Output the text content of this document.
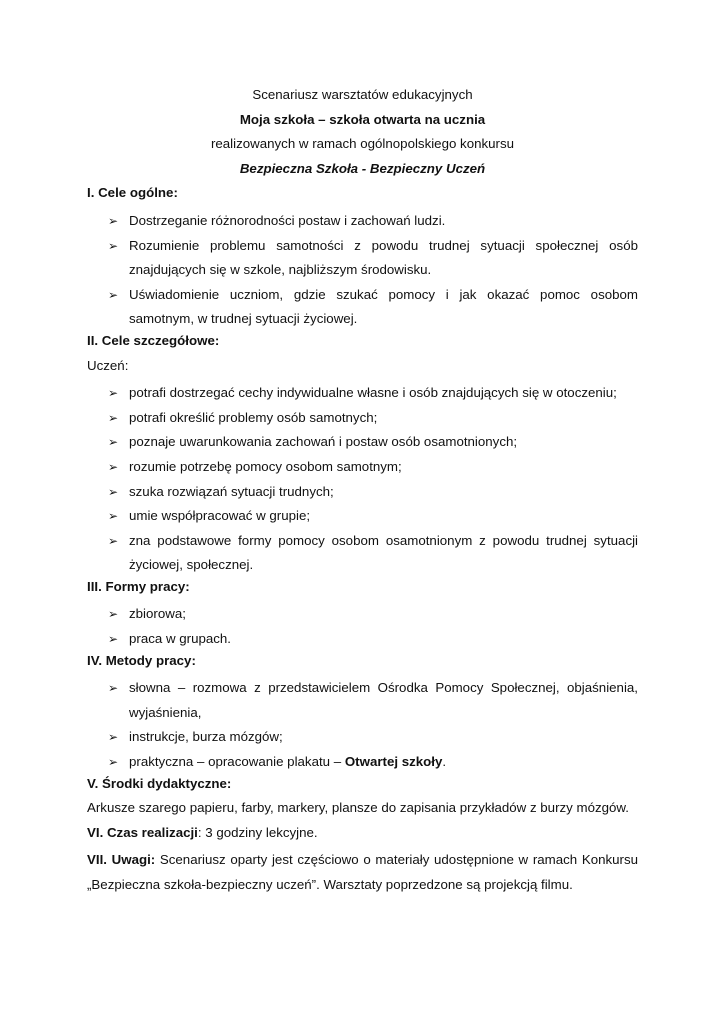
Scenariusz warsztatów edukacyjnych
Moja szkoła – szkoła otwarta na ucznia
realizowanych w ramach ogólnopolskiego konkursu
Bezpieczna Szkoła - Bezpieczny Uczeń
I. Cele ogólne:
➢ Dostrzeganie różnorodności postaw i zachowań ludzi.
➢ Rozumienie problemu samotności z powodu trudnej sytuacji społecznej osób znajdujących się w szkole, najbliższym środowisku.
➢ Uświadomienie uczniom, gdzie szukać pomocy i jak okazać pomoc osobom samotnym, w trudnej sytuacji życiowej.
II. Cele szczegółowe:
Uczeń:
➢ potrafi dostrzegać cechy indywidualne własne i osób znajdujących się w otoczeniu;
➢ potrafi określić problemy osób samotnych;
➢ poznaje uwarunkowania zachowań i postaw osób osamotnionych;
➢ rozumie potrzebę pomocy osobom samotnym;
➢ szuka rozwiązań sytuacji trudnych;
➢ umie współpracować w grupie;
➢ zna podstawowe formy pomocy osobom osamotnionym z powodu trudnej sytuacji życiowej, społecznej.
III. Formy pracy:
➢ zbiorowa;
➢ praca w grupach.
IV. Metody pracy:
➢ słowna – rozmowa z przedstawicielem Ośrodka Pomocy Społecznej, objaśnienia, wyjaśnienia,
➢ instrukcje, burza mózgów;
➢ praktyczna – opracowanie plakatu – Otwartej szkoły.
V. Środki dydaktyczne:
Arkusze szarego papieru, farby, markery, plansze do zapisania przykładów z burzy mózgów.
VI. Czas realizacji: 3 godziny lekcyjne.
VII. Uwagi: Scenariusz oparty jest częściowo o materiały udostępnione w ramach Konkursu „Bezpieczna szkoła-bezpieczny uczeń”. Warsztaty poprzedzone są projekcją filmu.
